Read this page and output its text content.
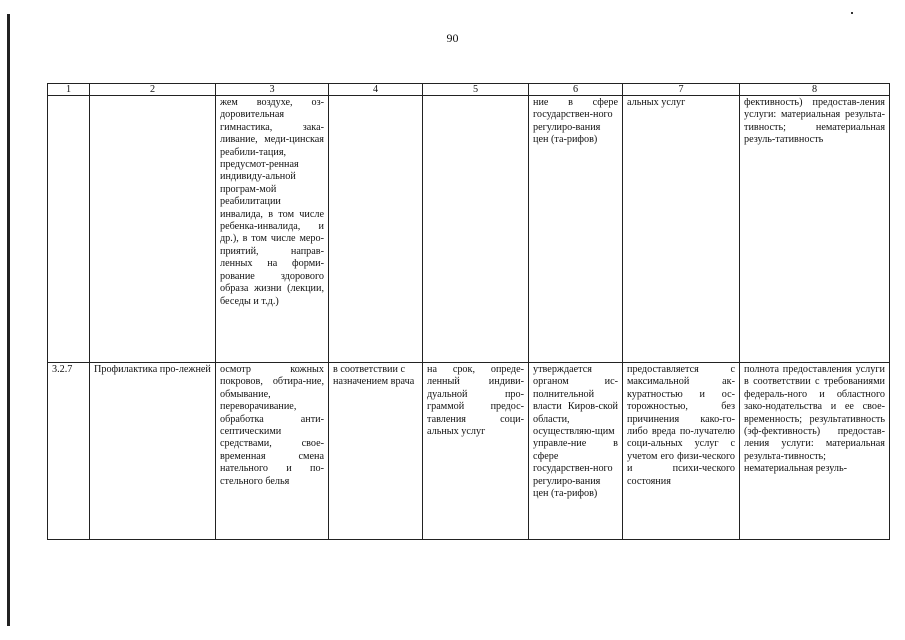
90
1	2	3	4	5	6	7	8
		жем воздухе, оз-доровительная гимнастика, зака-ливание, меди-цинская реабили-тация, предусмот-ренная индивиду-альной програм-мой реабилитации инвалида, в том числе ребенка-инвалида, и др.), в том числе меро-приятий, направ-ленных на форми-рование здорового образа жизни (лекции, беседы и т.д.)			ние в сфере государствен-ного регулиро-вания цен (та-рифов)	альных услуг	фективность) предостав-ления услуги: материальная результа-тивность; нематериальная резуль-тативность
3.2.7	Профилактика про-лежней	осмотр кожных покровов, обтира-ние, обмывание, переворачивание, обработка анти-септическими средствами, свое-временная смена нательного и по-стельного белья	в соответствии с назначением врача	на срок, опреде-ленный индиви-дуальной про-граммой предос-тавления соци-альных услуг	утверждается органом ис-полнительной власти Киров-ской области, осуществляю-щим управле-ние в сфере государствен-ного регулиро-вания цен (та-рифов)	предоставляется с максимальной ак-куратностью и ос-торожностью, без причинения како-го-либо вреда по-лучателю соци-альных услуг с учетом его физи-ческого и психи-ческого состояния	полнота предоставления услуги в соответствии с требованиями федераль-ного и областного зако-нодательства и ее свое-временность; результативность (эф-фективность) предостав-ления услуги: материальная результа-тивность; нематериальная резуль-
